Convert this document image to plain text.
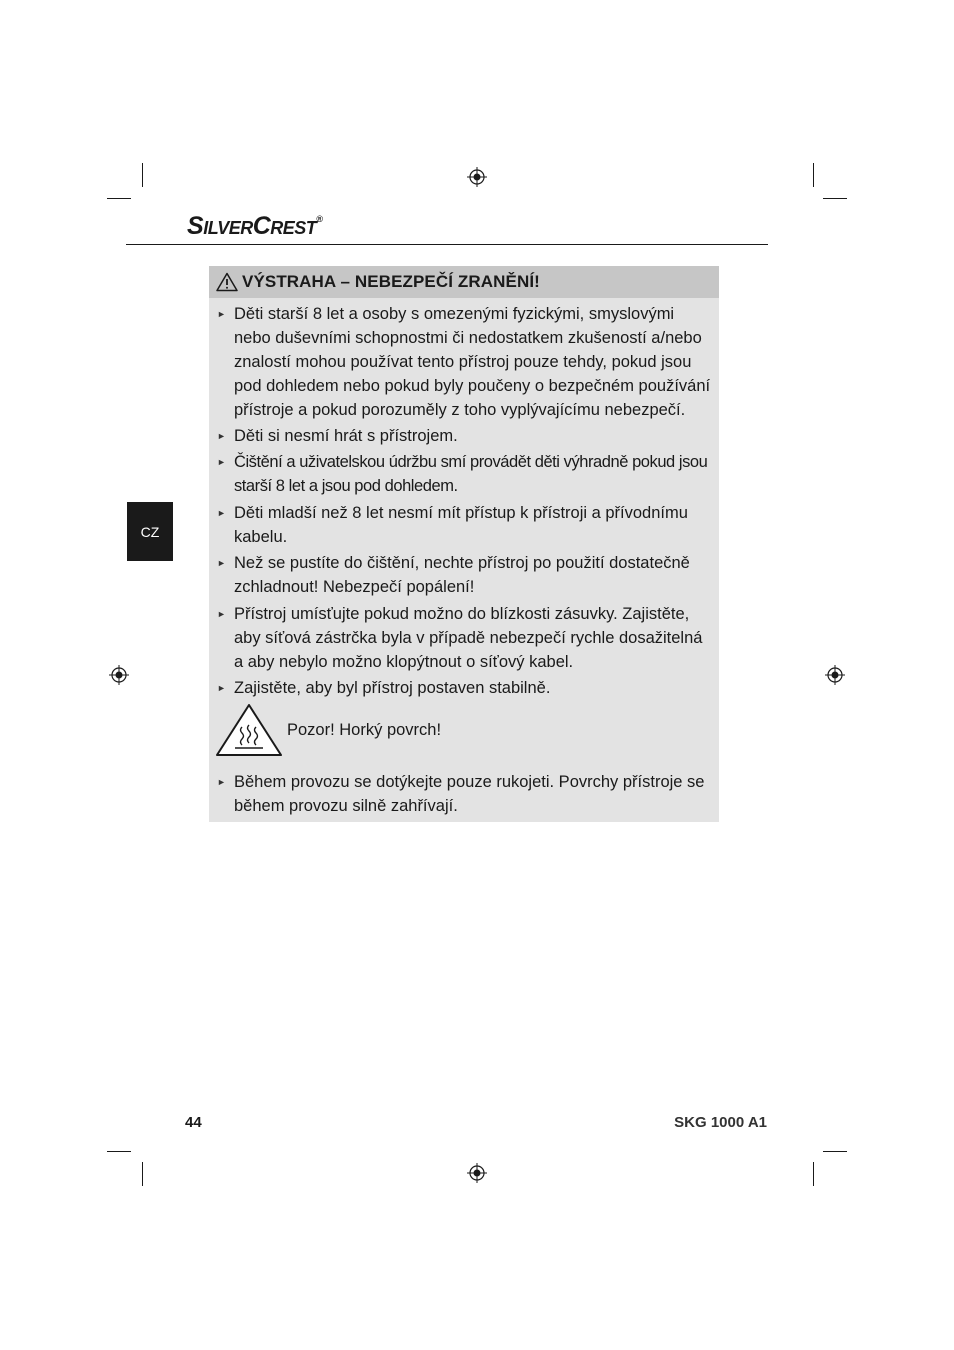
SILVERCREST®
CZ
VÝSTRAHA – NEBEZPEČÍ ZRANĚNÍ!
► Děti starší 8 let a osoby s omezenými fyzickými, smyslovými nebo duševními schopnostmi či nedostatkem zkušeností a/nebo znalostí mohou používat tento přístroj pouze tehdy, pokud jsou pod dohledem nebo pokud byly poučeny o bezpečném používání přístroje a pokud porozuměly z toho vyplývajícímu nebezpečí.
► Děti si nesmí hrát s přístrojem.
► Čištění a uživatelskou údržbu smí provádět děti výhradně pokud jsou starší 8 let a jsou pod dohledem.
► Děti mladší než 8 let nesmí mít přístup k přístroji a přívodnímu kabelu.
► Než se pustíte do čištění, nechte přístroj po použití dostatečně zchladnout! Nebezpečí popálení!
► Přístroj umísťujte pokud možno do blízkosti zásuvky. Zajistěte, aby síťová zástrčka byla v případě nebezpečí rychle dosažitelná a aby nebylo možno klopýtnout o síťový kabel.
► Zajistěte, aby byl přístroj postaven stabilně.
Pozor! Horký povrch!
► Během provozu se dotýkejte pouze rukojeti. Povrchy přístroje se během provozu silně zahřívají.
44	SKG 1000 A1
